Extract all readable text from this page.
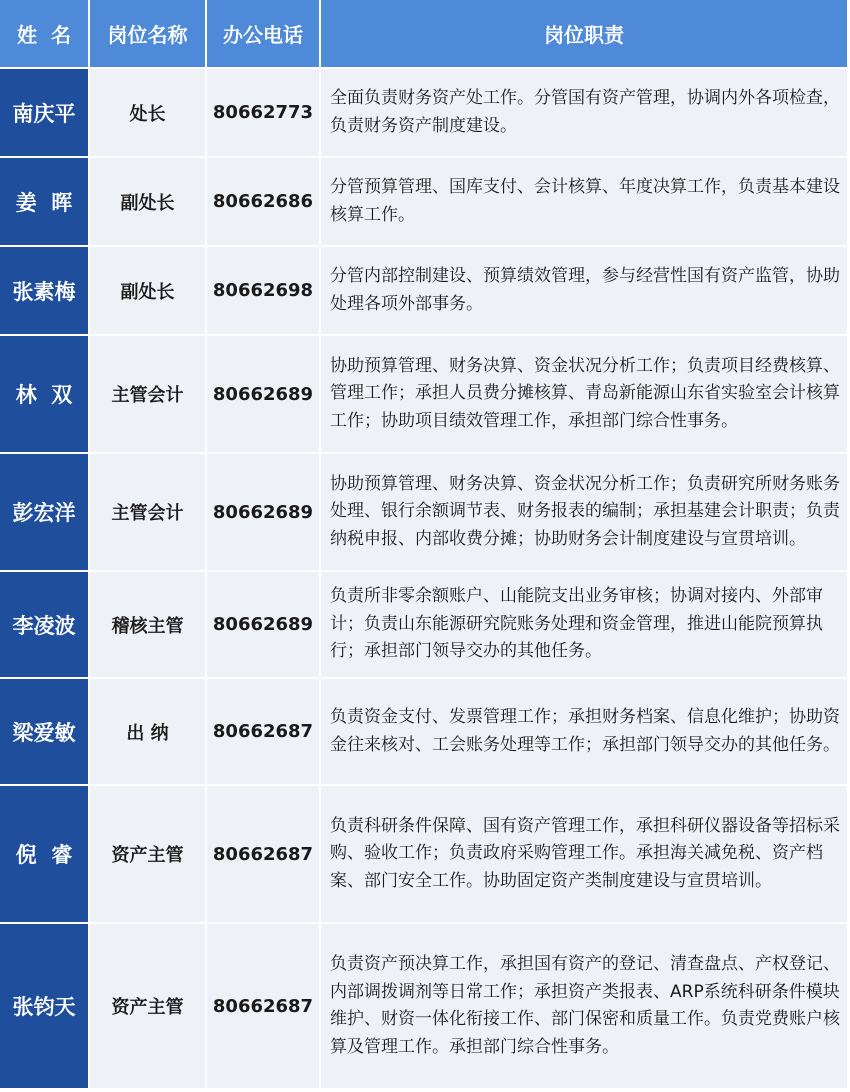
姓  名	岗位名称	办公电话	岗位职责
南庆平	处长	80662773	全面负责财务资产处工作。分管国有资产管理，协调内外各项检查，负责财务资产制度建设。
姜  晖	副处长	80662686	分管预算管理、国库支付、会计核算、年度决算工作，负责基本建设核算工作。
张素梅	副处长	80662698	分管内部控制建设、预算绩效管理，参与经营性国有资产监管，协助处理各项外部事务。
林  双	主管会计	80662689	协助预算管理、财务决算、资金状况分析工作；负责项目经费核算、管理工作；承担人员费分摊核算、青岛新能源山东省实验室会计核算工作；协助项目绩效管理工作，承担部门综合性事务。
彭宏洋	主管会计	80662689	协助预算管理、财务决算、资金状况分析工作；负责研究所财务账务处理、银行余额调节表、财务报表的编制；承担基建会计职责；负责纳税申报、内部收费分摊；协助财务会计制度建设与宣贯培训。
李凌波	稽核主管	80662689	负责所非零余额账户、山能院支出业务审核；协调对接内、外部审计；负责山东能源研究院账务处理和资金管理，推进山能院预算执行；承担部门领导交办的其他任务。
梁爱敏	出 纳	80662687	负责资金支付、发票管理工作；承担财务档案、信息化维护；协助资金往来核对、工会账务处理等工作；承担部门领导交办的其他任务。
倪  睿	资产主管	80662687	负责科研条件保障、国有资产管理工作，承担科研仪器设备等招标采购、验收工作；负责政府采购管理工作。承担海关减免税、资产档案、部门安全工作。协助固定资产类制度建设与宣贯培训。
张钧天	资产主管	80662687	负责资产预决算工作，承担国有资产的登记、清查盘点、产权登记、内部调拨调剂等日常工作；承担资产类报表、ARP系统科研条件模块维护、财资一体化衔接工作、部门保密和质量工作。负责党费账户核算及管理工作。承担部门综合性事务。
